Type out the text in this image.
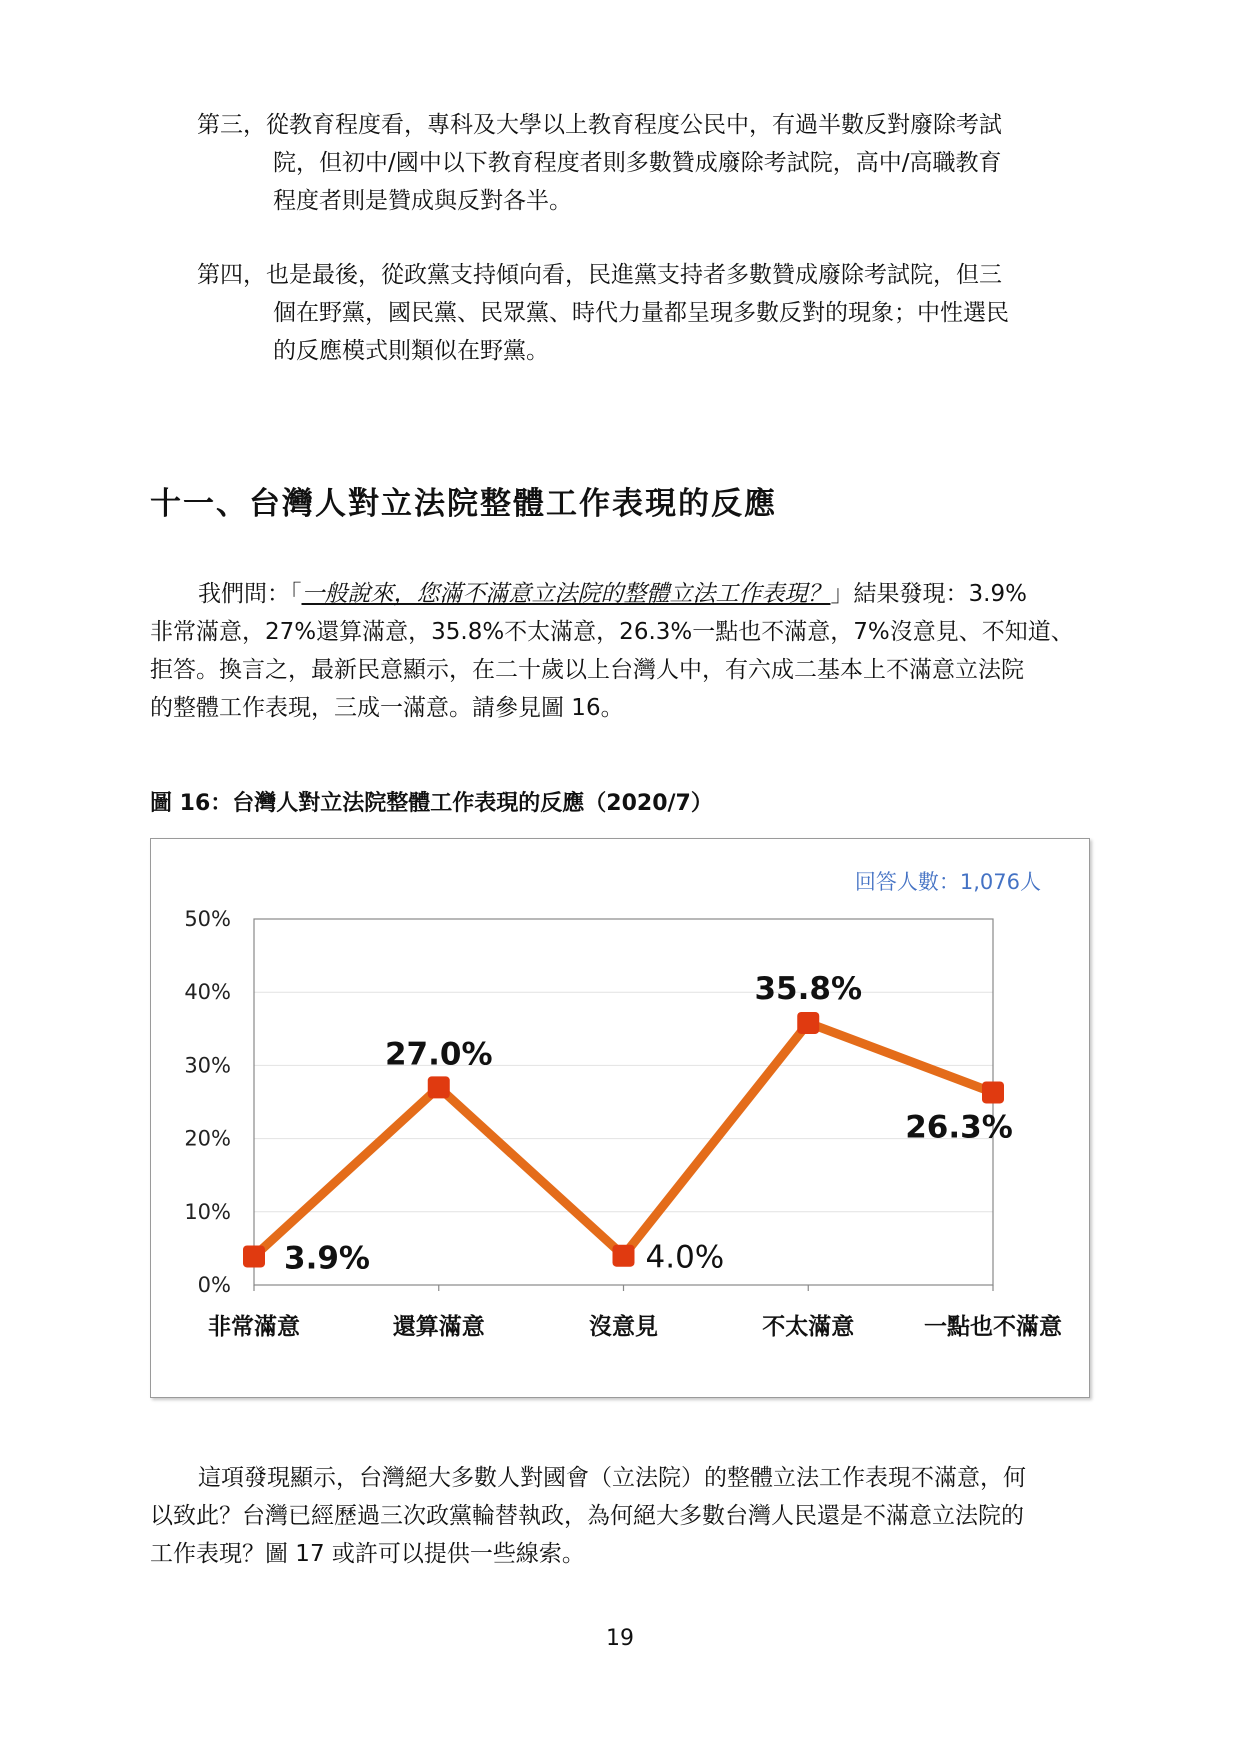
第三，從教育程度看，專科及大學以上教育程度公民中，有過半數反對廢除考試
院，但初中/國中以下教育程度者則多數贊成廢除考試院，高中/高職教育
程度者則是贊成與反對各半。
第四，也是最後，從政黨支持傾向看，民進黨支持者多數贊成廢除考試院，但三
個在野黨，國民黨、民眾黨、時代力量都呈現多數反對的現象；中性選民
的反應模式則類似在野黨。
十一、台灣人對立法院整體工作表現的反應
我們問：「一般說來，您滿不滿意立法院的整體立法工作表現？」結果發現：3.9%
非常滿意，27%還算滿意，35.8%不太滿意，26.3%一點也不滿意，7%沒意見、不知道、
拒答。換言之，最新民意顯示，在二十歲以上台灣人中，有六成二基本上不滿意立法院
的整體工作表現，三成一滿意。請參見圖 16。
圖 16：台灣人對立法院整體工作表現的反應（2020/7）
0%
10%
20%
30%
40%
50%
非常滿意	還算滿意	沒意見	不太滿意	一點也不滿意
3.9%
27.0%
4.0%
35.8%
26.3%
回答人數：1,076人
這項發現顯示，台灣絕大多數人對國會（立法院）的整體立法工作表現不滿意，何
以致此？台灣已經歷過三次政黨輪替執政，為何絕大多數台灣人民還是不滿意立法院的
工作表現？圖 17 或許可以提供一些線索。
19
